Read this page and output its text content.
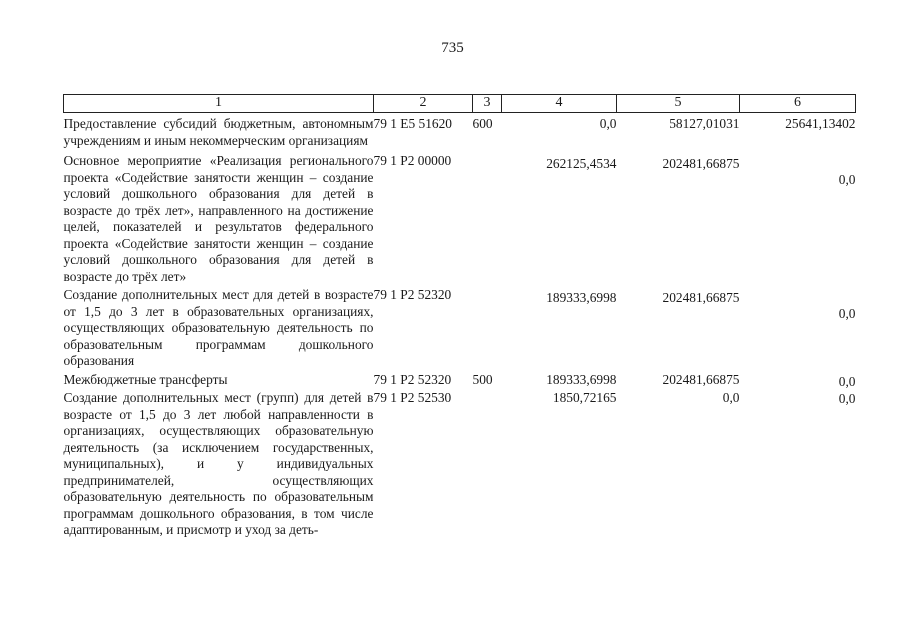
735
1	2	3	4	5	6
Предоставление субсидий бюджетным, автономным учреждениям и иным некоммерческим организациям	79 1 E5 51620	600	0,0	58127,01031	25641,13402
Основное мероприятие «Реализация регионального проекта «Содействие занятости женщин – создание условий дошкольного образования для детей в возрасте до трёх лет», направленного на достижение целей, показателей и результатов федерального проекта «Содействие занятости женщин – создание условий дошкольного образования для детей в возрасте до трёх лет»	79 1 P2 00000		262125,4534	202481,66875	0,0
Создание дополнительных мест для детей в возрасте от 1,5 до 3 лет в образовательных организациях, осуществляющих образовательную деятельность по образовательным программам дошкольного образования	79 1 P2 52320		189333,6998	202481,66875	0,0
Межбюджетные трансферты	79 1 P2 52320	500	189333,6998	202481,66875	0,0
Создание дополнительных мест (групп) для детей в возрасте от 1,5 до 3 лет любой направленности в организациях, осуществляющих образовательную деятельность (за исключением государственных, муниципальных), и у индивидуальных предпринимателей, осуществляющих образовательную деятельность по образовательным программам дошкольного образования, в том числе адаптированным, и присмотр и уход за деть-	79 1 P2 52530		1850,72165	0,0	0,0
